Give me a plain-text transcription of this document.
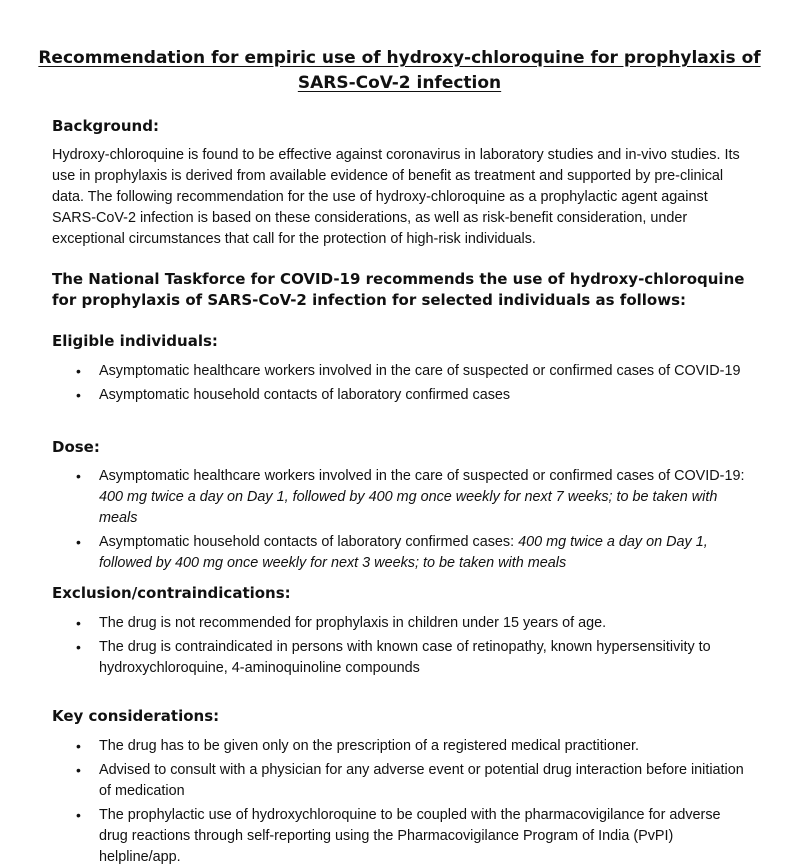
Recommendation for empiric use of hydroxy-chloroquine for prophylaxis of SARS-CoV-2 infection
Background:
Hydroxy-chloroquine is found to be effective against coronavirus in laboratory studies and in-vivo studies. Its use in prophylaxis is derived from available evidence of benefit as treatment and supported by pre-clinical data. The following recommendation for the use of hydroxy-chloroquine as a prophylactic agent against SARS-CoV-2 infection is based on these considerations, as well as risk-benefit consideration, under exceptional circumstances that call for the protection of high-risk individuals.
The National Taskforce for COVID-19 recommends the use of hydroxy-chloroquine for prophylaxis of SARS-CoV-2 infection for selected individuals as follows:
Eligible individuals:
• Asymptomatic healthcare workers involved in the care of suspected or confirmed cases of COVID-19
• Asymptomatic household contacts of laboratory confirmed cases
Dose:
• Asymptomatic healthcare workers involved in the care of suspected or confirmed cases of COVID-19: 400 mg twice a day on Day 1, followed by 400 mg once weekly for next 7 weeks; to be taken with meals
• Asymptomatic household contacts of laboratory confirmed cases: 400 mg twice a day on Day 1, followed by 400 mg once weekly for next 3 weeks; to be taken with meals
Exclusion/contraindications:
• The drug is not recommended for prophylaxis in children under 15 years of age.
• The drug is contraindicated in persons with known case of retinopathy, known hypersensitivity to hydroxychloroquine, 4-aminoquinoline compounds
Key considerations:
• The drug has to be given only on the prescription of a registered medical practitioner.
• Advised to consult with a physician for any adverse event or potential drug interaction before initiation of medication
• The prophylactic use of hydroxychloroquine to be coupled with the pharmacovigilance for adverse drug reactions through self-reporting using the Pharmacovigilance Program of India (PvPI) helpline/app.
